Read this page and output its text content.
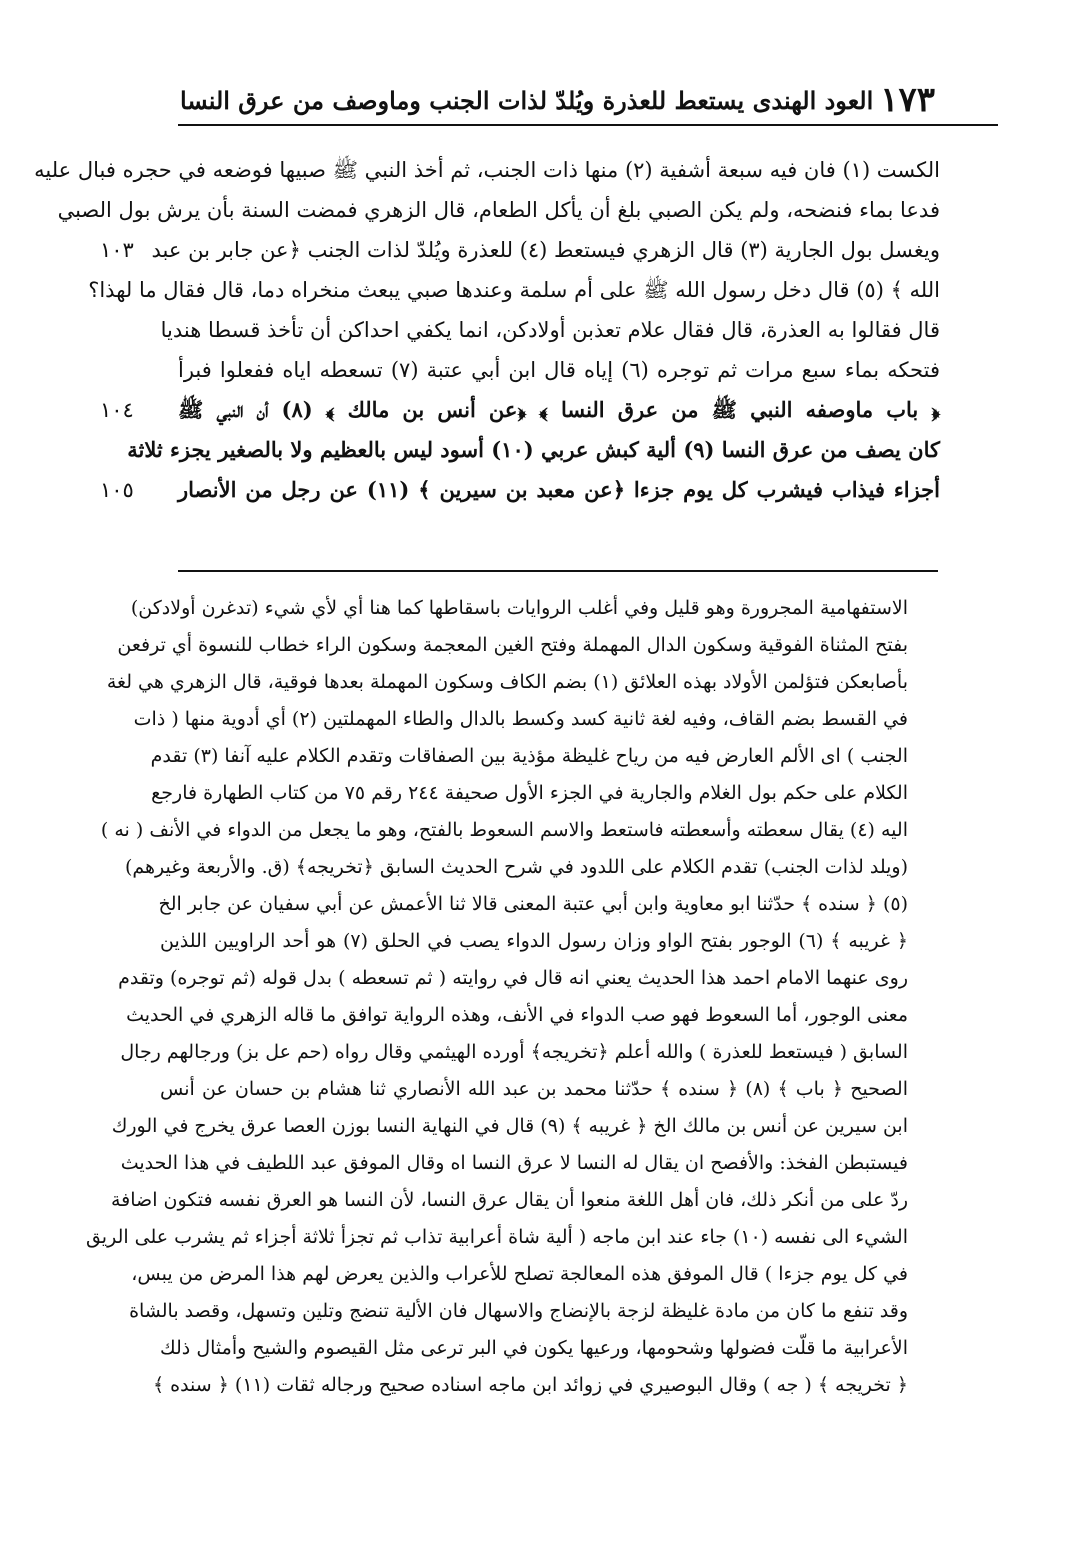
١٧٣
العود الهندى يستعط للعذرة ويُلدّ لذات الجنب وماوصف من عرق النسا
الكست (١) فان فيه سبعة أشفية (٢) منها ذات الجنب، ثم أخذ النبي ﷺ صبيها فوضعه في حجره فبال عليه
فدعا بماء فنضحه، ولم يكن الصبي بلغ أن يأكل الطعام، قال الزهري فمضت السنة بأن يرش بول الصبي
ويغسل بول الجارية (٣) قال الزهري فيستعط (٤) للعذرة ويُلدّ لذات الجنب ﴿عن جابر بن عبد
الله ﴾ (٥) قال دخل رسول الله ﷺ على أم سلمة وعندها صبي يبعث منخراه دما، قال فقال ما لهذا؟
قال فقالوا به العذرة، قال فقال علام تعذبن أولادكن، انما يكفي احداكن أن تأخذ قسطا هنديا
فتحكه بماء سبع مرات ثم توجره (٦) إياه قال ابن أبي عتبة (٧) تسعطه اياه ففعلوا فبرأ
﴿ باب ماوصفه النبي ﷺ من عرق النسا ﴾ ﴿عن أنس بن مالك ﴾ (٨) أن النبي ﷺ
كان يصف من عرق النسا (٩) ألية كبش عربي (١٠) أسود ليس بالعظيم ولا بالصغير يجزء ثلاثة
أجزاء فيذاب فيشرب كل يوم جزءا ﴿عن معبد بن سيرين ﴾ (١١) عن رجل من الأنصار
١٠٣
١٠٤
١٠٥
الاستفهامية المجرورة وهو قليل وفي أغلب الروايات باسقاطها كما هنا أي لأي شيء (تدغرن أولادكن)
بفتح المثناة الفوقية وسكون الدال المهملة وفتح الغين المعجمة وسكون الراء خطاب للنسوة أي ترفعن
بأصابعكن فتؤلمن الأولاد بهذه العلائق (١) بضم الكاف وسكون المهملة بعدها فوقية، قال الزهري هي لغة
في القسط بضم القاف، وفيه لغة ثانية كسد وكسط بالدال والطاء المهملتين (٢) أي أدوية منها ( ذات
الجنب ) اى الألم العارض فيه من رياح غليظة مؤذية بين الصفاقات وتقدم الكلام عليه آنفا (٣) تقدم
الكلام على حكم بول الغلام والجارية في الجزء الأول صحيفة ٢٤٤ رقم ٧٥ من كتاب الطهارة فارجع
اليه (٤) يقال سعطته وأسعطته فاستعط والاسم السعوط بالفتح، وهو ما يجعل من الدواء في الأنف ( نه )
(ويلد لذات الجنب) تقدم الكلام على اللدود في شرح الحديث السابق ﴿تخريجه﴾ (ق. والأربعة وغيرهم)
(٥) ﴿ سنده ﴾ حدّثنا ابو معاوية وابن أبي عتبة المعنى قالا ثنا الأعمش عن أبي سفيان عن جابر الخ
﴿ غريبه ﴾ (٦) الوجور بفتح الواو وزان رسول الدواء يصب في الحلق (٧) هو أحد الراويين اللذين
روى عنهما الامام احمد هذا الحديث يعني انه قال في روايته ( ثم تسعطه ) بدل قوله (ثم توجره) وتقدم
معنى الوجور، أما السعوط فهو صب الدواء في الأنف، وهذه الرواية توافق ما قاله الزهري في الحديث
السابق ( فيستعط للعذرة ) والله أعلم ﴿تخريجه﴾ أورده الهيثمي وقال رواه (حم عل بز) ورجالهم رجال
الصحيح ﴿ باب ﴾ (٨) ﴿ سنده ﴾ حدّثنا محمد بن عبد الله الأنصاري ثنا هشام بن حسان عن أنس
ابن سيرين عن أنس بن مالك الخ ﴿ غريبه ﴾ (٩) قال في النهاية النسا بوزن العصا عرق يخرج في الورك
فيستبطن الفخذ: والأفصح ان يقال له النسا لا عرق النسا اه وقال الموفق عبد اللطيف في هذا الحديث
ردّ على من أنكر ذلك، فان أهل اللغة منعوا أن يقال عرق النسا، لأن النسا هو العرق نفسه فتكون اضافة
الشيء الى نفسه (١٠) جاء عند ابن ماجه ( ألية شاة أعرابية تذاب ثم تجزأ ثلاثة أجزاء ثم يشرب على الريق
في كل يوم جزءا ) قال الموفق هذه المعالجة تصلح للأعراب والذين يعرض لهم هذا المرض من يبس،
وقد تنفع ما كان من مادة غليظة لزجة بالإنضاج والاسهال فان الألية تنضج وتلين وتسهل، وقصد بالشاة
الأعرابية ما قلّت فضولها وشحومها، ورعيها يكون في البر ترعى مثل القيصوم والشيح وأمثال ذلك
﴿ تخريجه ﴾ ( جه ) وقال البوصيري في زوائد ابن ماجه اسناده صحيح ورجاله ثقات (١١) ﴿ سنده ﴾
